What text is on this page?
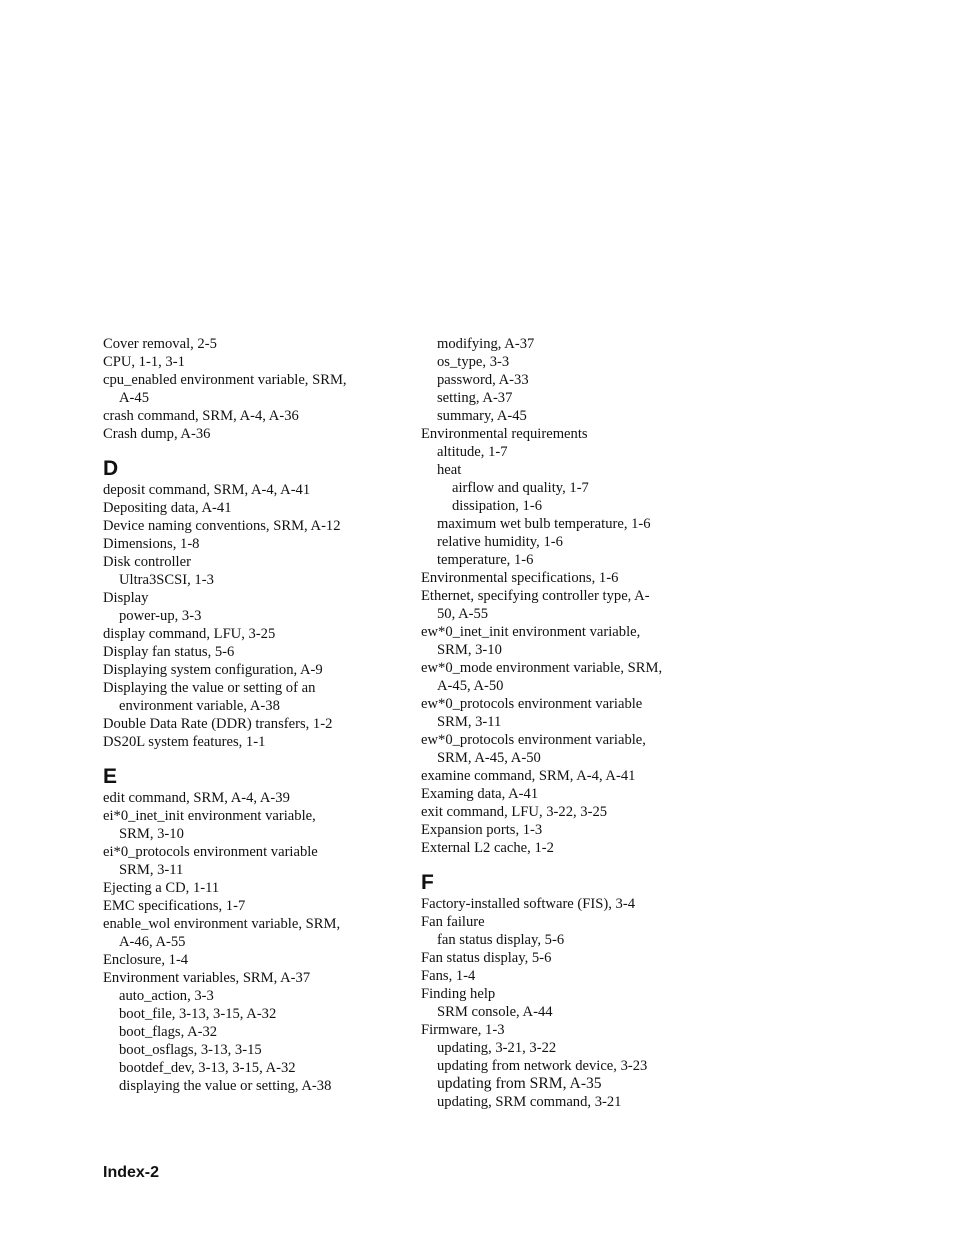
Cover removal, 2-5
CPU, 1-1, 3-1
cpu_enabled environment variable, SRM,
A-45
crash command, SRM, A-4, A-36
Crash dump, A-36
D
deposit command, SRM, A-4, A-41
Depositing data, A-41
Device naming conventions, SRM, A-12
Dimensions, 1-8
Disk controller
Ultra3SCSI, 1-3
Display
power-up, 3-3
display command, LFU, 3-25
Display fan status, 5-6
Displaying system configuration, A-9
Displaying the value or setting of an
environment variable, A-38
Double Data Rate (DDR) transfers, 1-2
DS20L system features, 1-1
E
edit command, SRM, A-4, A-39
ei*0_inet_init environment variable,
SRM, 3-10
ei*0_protocols environment variable
SRM, 3-11
Ejecting a CD, 1-11
EMC specifications, 1-7
enable_wol environment variable, SRM,
A-46, A-55
Enclosure, 1-4
Environment variables, SRM, A-37
auto_action, 3-3
boot_file, 3-13, 3-15, A-32
boot_flags, A-32
boot_osflags, 3-13, 3-15
bootdef_dev, 3-13, 3-15, A-32
displaying the value or setting, A-38
modifying, A-37
os_type, 3-3
password, A-33
setting, A-37
summary, A-45
Environmental requirements
altitude, 1-7
heat
airflow and quality, 1-7
dissipation, 1-6
maximum wet bulb temperature, 1-6
relative humidity, 1-6
temperature, 1-6
Environmental specifications, 1-6
Ethernet, specifying controller type, A-
50, A-55
ew*0_inet_init environment variable,
SRM, 3-10
ew*0_mode environment variable, SRM,
A-45, A-50
ew*0_protocols environment variable
SRM, 3-11
ew*0_protocols environment variable,
SRM, A-45, A-50
examine command, SRM, A-4, A-41
Examing data, A-41
exit command, LFU, 3-22, 3-25
Expansion ports, 1-3
External L2 cache, 1-2
F
Factory-installed software (FIS), 3-4
Fan failure
fan status display, 5-6
Fan status display, 5-6
Fans, 1-4
Finding help
SRM console, A-44
Firmware, 1-3
updating, 3-21, 3-22
updating from network device, 3-23
updating from SRM, A-35
updating, SRM command, 3-21
Index-2
